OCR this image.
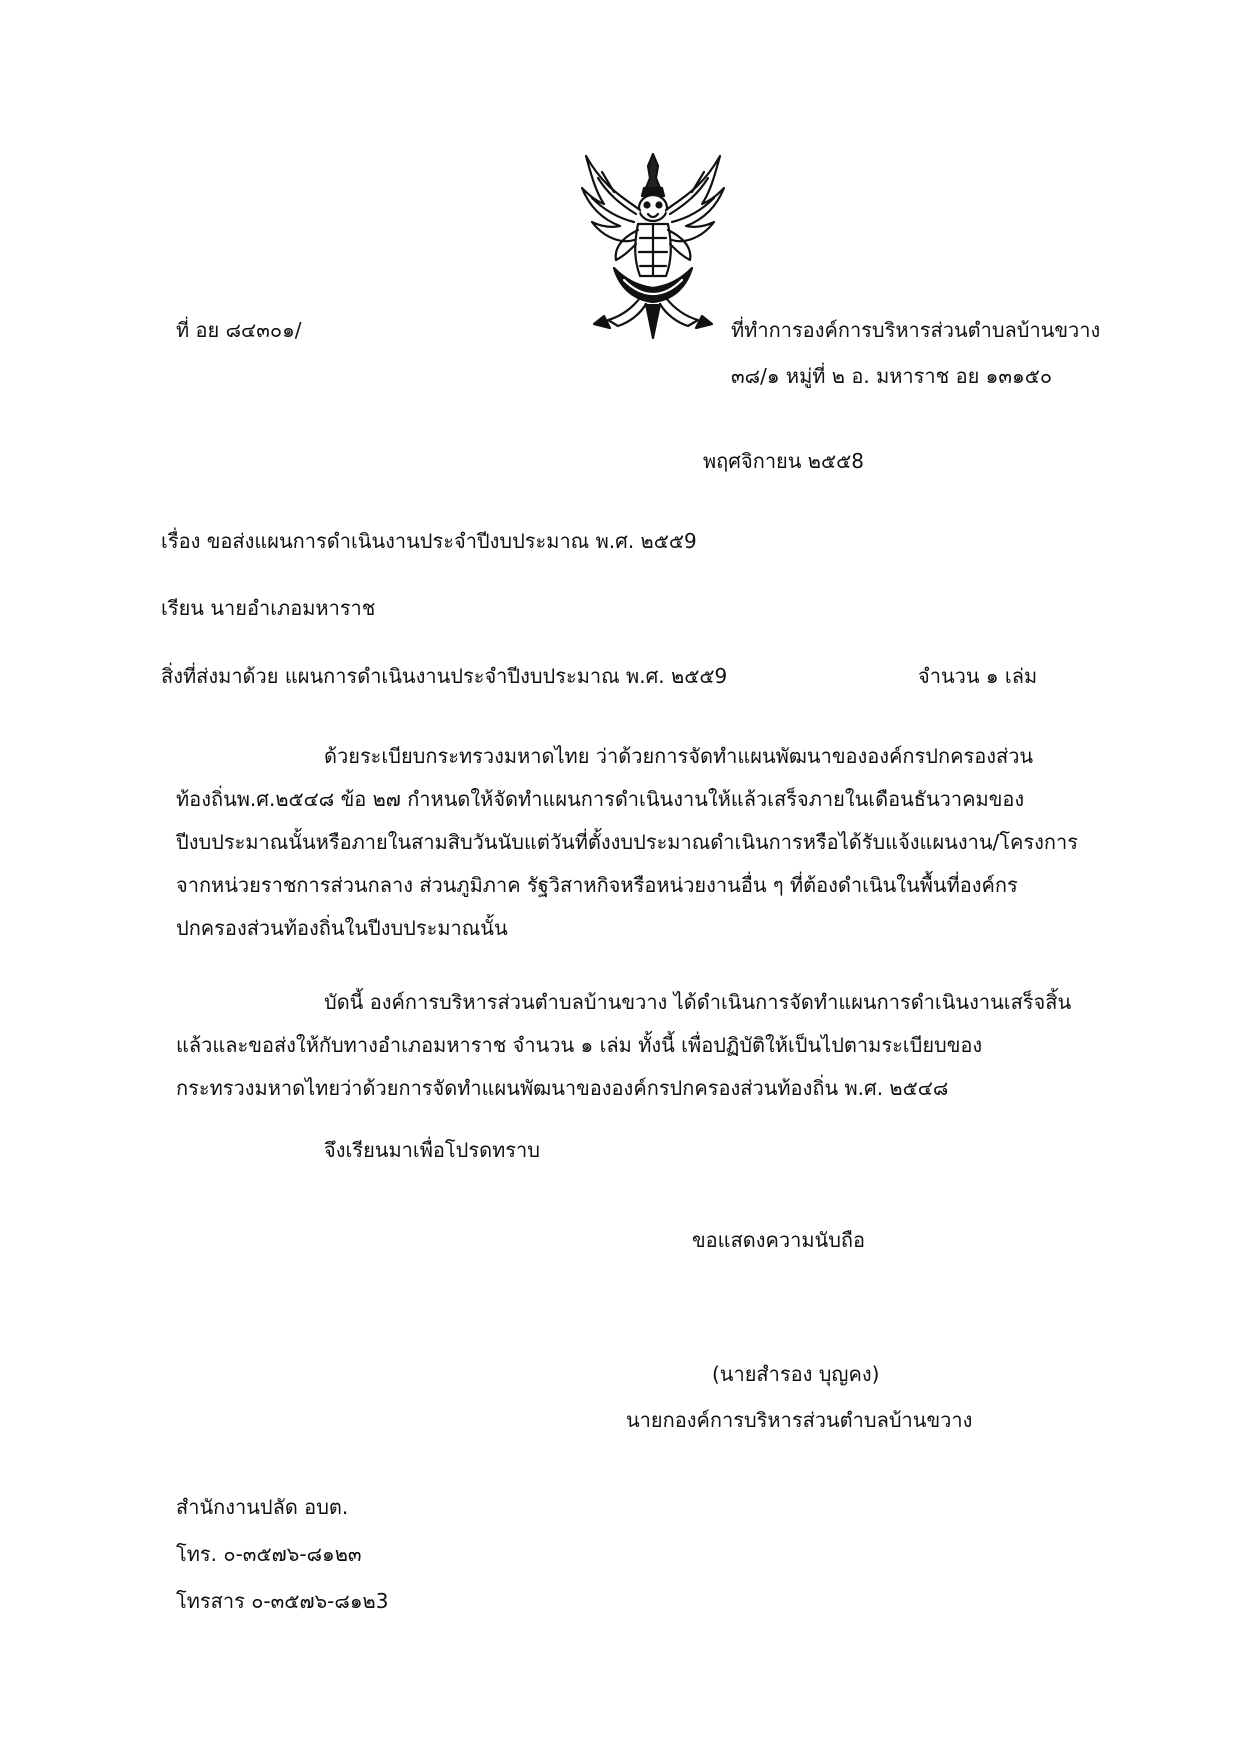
ที่ อย ๘๔๓๐๑/	ที่ทำการองค์การบริหารส่วนตำบลบ้านขวาง
๓๘/๑ หมู่ที่ ๒ อ. มหาราช อย ๑๓๑๕๐
พฤศจิกายน ๒๕๕8
เรื่อง ขอส่งแผนการดำเนินงานประจำปีงบประมาณ พ.ศ. ๒๕๕9
เรียน นายอำเภอมหาราช
สิ่งที่ส่งมาด้วย แผนการดำเนินงานประจำปีงบประมาณ พ.ศ. ๒๕๕9	จำนวน ๑ เล่ม
ด้วยระเบียบกระทรวงมหาดไทย ว่าด้วยการจัดทำแผนพัฒนาขององค์กรปกครองส่วน
ท้องถิ่นพ.ศ.๒๕๔๘ ข้อ ๒๗ กำหนดให้จัดทำแผนการดำเนินงานให้แล้วเสร็จภายในเดือนธันวาคมของ
ปีงบประมาณนั้นหรือภายในสามสิบวันนับแต่วันที่ตั้งงบประมาณดำเนินการหรือได้รับแจ้งแผนงาน/โครงการ
จากหน่วยราชการส่วนกลาง ส่วนภูมิภาค รัฐวิสาหกิจหรือหน่วยงานอื่น ๆ ที่ต้องดำเนินในพื้นที่องค์กร
ปกครองส่วนท้องถิ่นในปีงบประมาณนั้น
บัดนี้ องค์การบริหารส่วนตำบลบ้านขวาง ได้ดำเนินการจัดทำแผนการดำเนินงานเสร็จสิ้น
แล้วและขอส่งให้กับทางอำเภอมหาราช จำนวน ๑ เล่ม ทั้งนี้ เพื่อปฏิบัติให้เป็นไปตามระเบียบของ
กระทรวงมหาดไทยว่าด้วยการจัดทำแผนพัฒนาขององค์กรปกครองส่วนท้องถิ่น พ.ศ. ๒๕๔๘
จึงเรียนมาเพื่อโปรดทราบ
ขอแสดงความนับถือ
(นายสำรอง บุญคง)
นายกองค์การบริหารส่วนตำบลบ้านขวาง
สำนักงานปลัด อบต.
โทร. ๐-๓๕๗๖-๘๑๒๓
โทรสาร ๐-๓๕๗๖-๘๑๒3
